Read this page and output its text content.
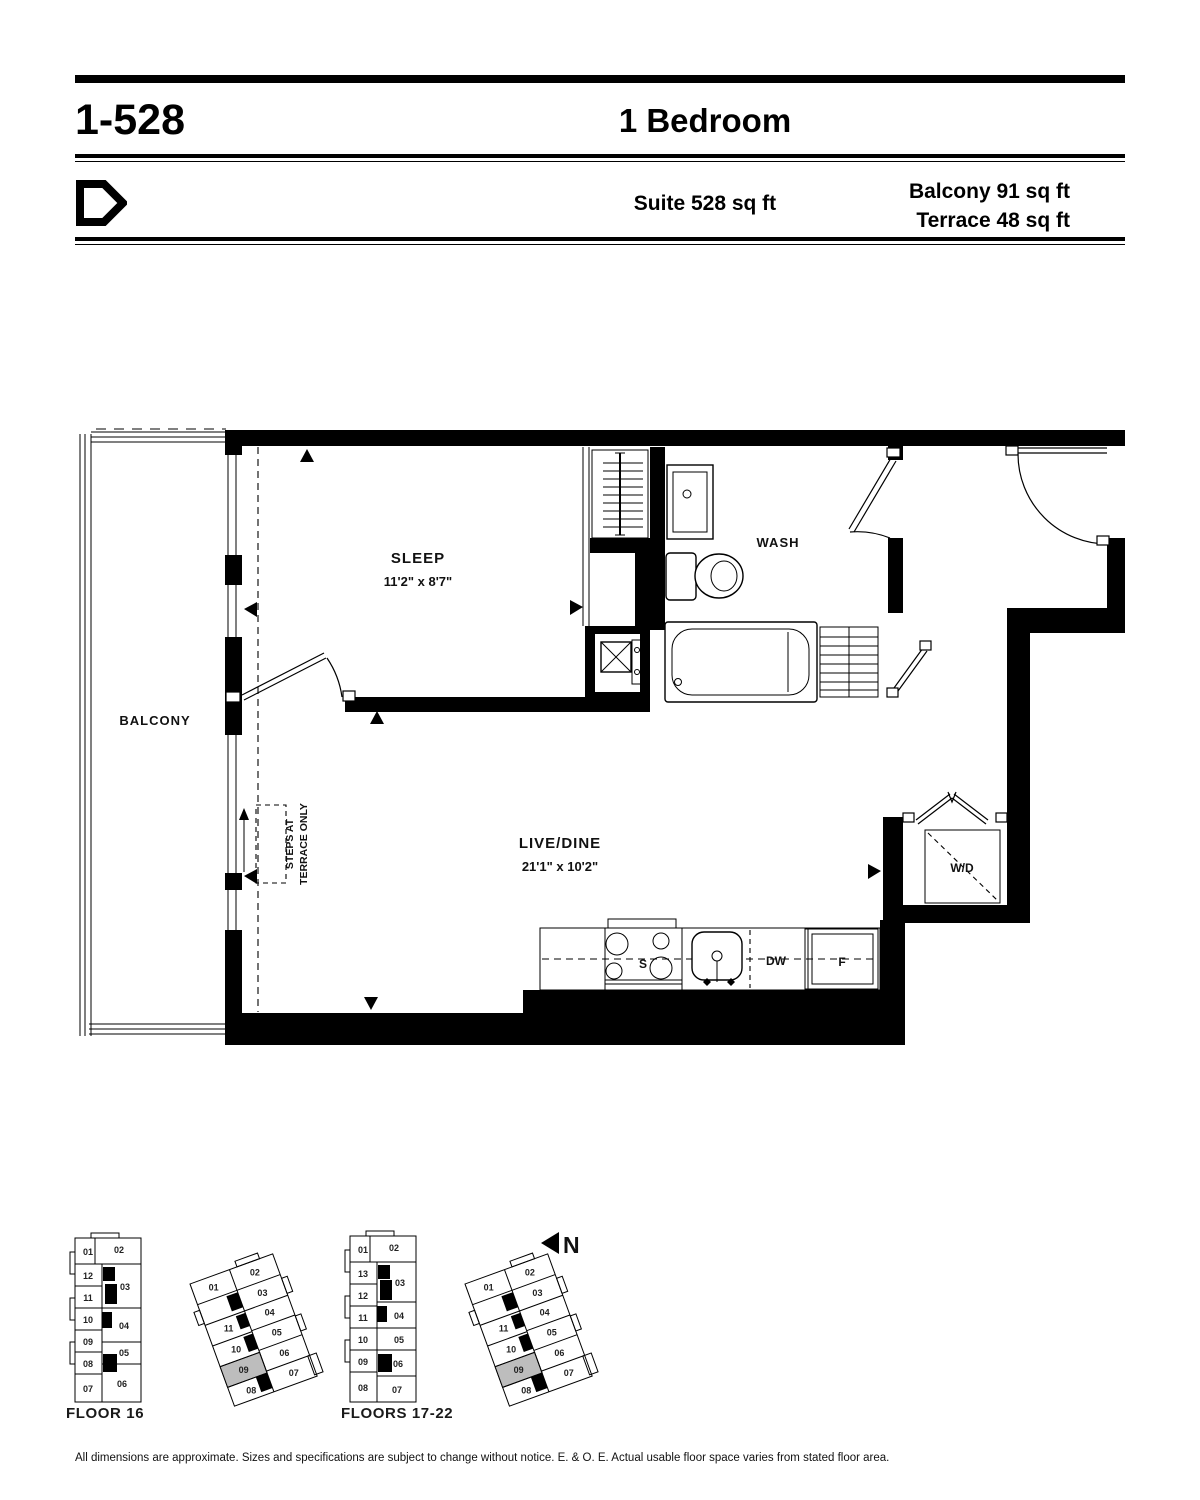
1-528	1 Bedroom
Suite 528 sq ft
Balcony 91 sq ft
Terrace 48 sq ft
BALCONY
SLEEP
11'2" x 8'7"
WASH
LIVE/DINE
21'1" x 10'2"	W/D
S	DW	F
STEPS AT TERRACE ONLY
01
12
11
10
09
08
07
02
03
04
05
06
01
11
10
09
08
02
03
04
05
06
07
FLOOR 16
N
01
13
12
11
10
09
08
02
03
04
05
06
07
01
11
10
09
08
02
03
04
05
06
07
FLOORS 17-22
All dimensions are approximate. Sizes and specifications are subject to change without notice. E. & O. E. Actual usable floor space varies from stated floor area.
